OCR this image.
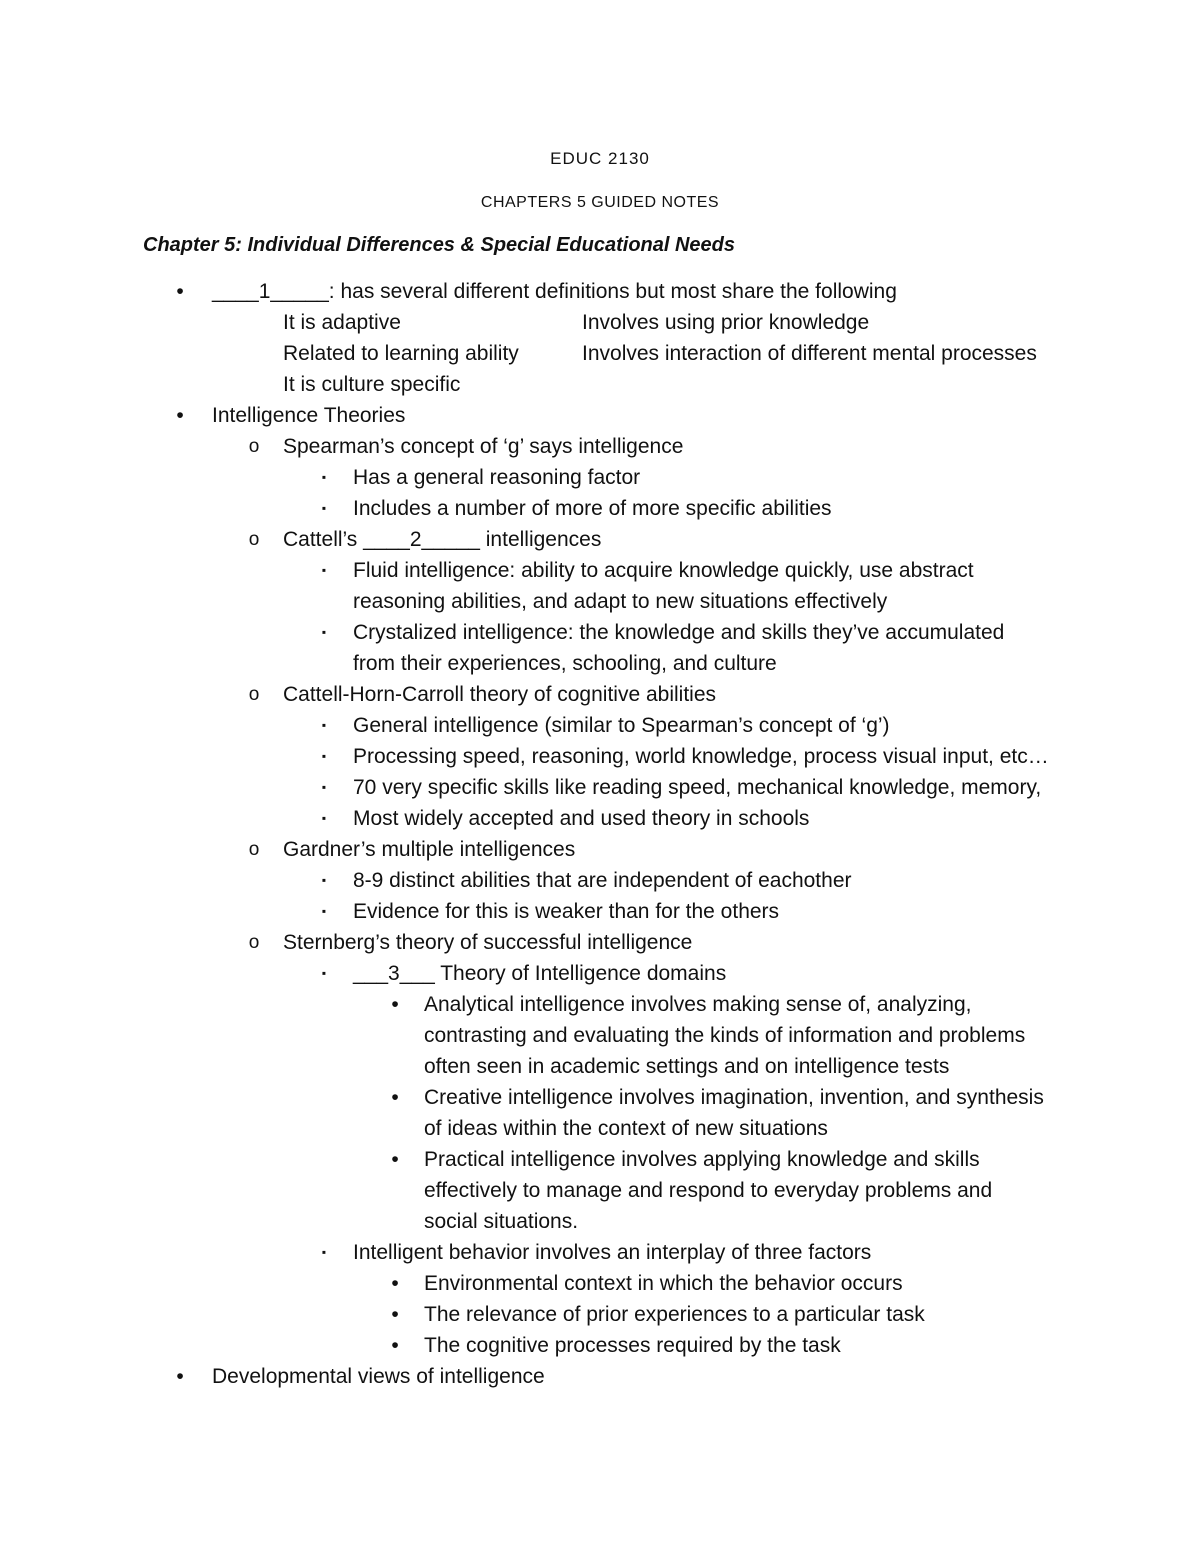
EDUC 2130
CHAPTERS 5 GUIDED NOTES
Chapter 5: Individual Differences & Special Educational Needs
•	____1_____: has several different definitions but most share the following
It is adaptive	Involves using prior knowledge
Related to learning ability	Involves interaction of different mental processes
It is culture specific
•	Intelligence Theories
o Spearman’s concept of ‘g’ says intelligence
▪	Has a general reasoning factor
▪	Includes a number of more of more specific abilities
o Cattell’s ____2_____ intelligences
▪	Fluid intelligence: ability to acquire knowledge quickly, use abstract
reasoning abilities, and adapt to new situations effectively
▪	Crystalized intelligence: the knowledge and skills they’ve accumulated
from their experiences, schooling, and culture
o Cattell-Horn-Carroll theory of cognitive abilities
▪	General intelligence (similar to Spearman’s concept of ‘g’)
▪	Processing speed, reasoning, world knowledge, process visual input, etc…
▪	70 very specific skills like reading speed, mechanical knowledge, memory,
▪	Most widely accepted and used theory in schools
o Gardner’s multiple intelligences
▪	8-9 distinct abilities that are independent of eachother
▪	Evidence for this is weaker than for the others
o Sternberg’s theory of successful intelligence
▪	___3___ Theory of Intelligence domains
•	Analytical intelligence involves making sense of, analyzing,
contrasting and evaluating the kinds of information and problems
often seen in academic settings and on intelligence tests
•	Creative intelligence involves imagination, invention, and synthesis
of ideas within the context of new situations
•	Practical intelligence involves applying knowledge and skills
effectively to manage and respond to everyday problems and
social situations.
▪	Intelligent behavior involves an interplay of three factors
•	Environmental context in which the behavior occurs
•	The relevance of prior experiences to a particular task
•	The cognitive processes required by the task
•	Developmental views of intelligence
